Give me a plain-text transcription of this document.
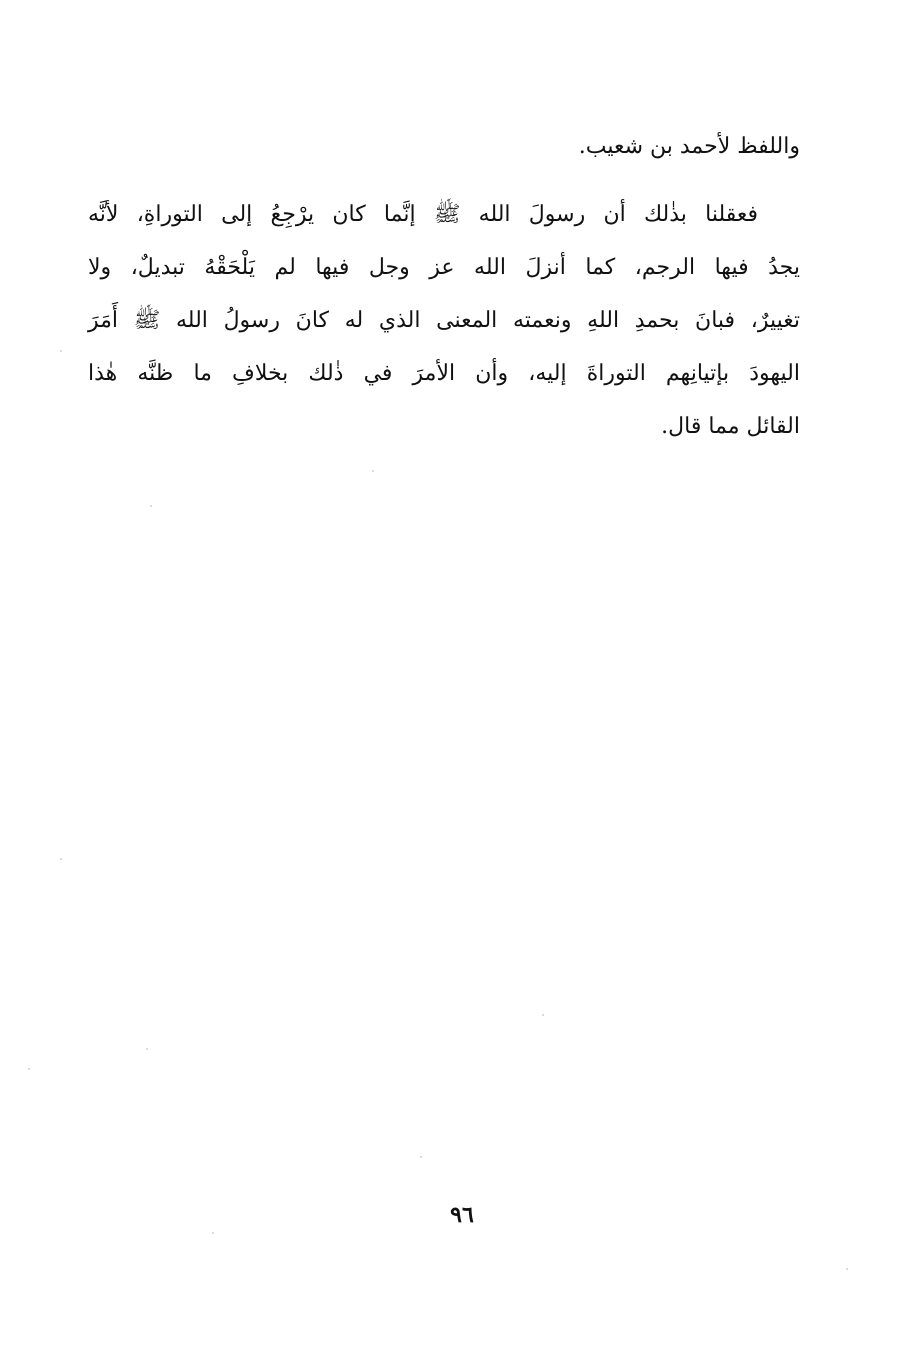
واللفظ لأحمد بن شعيب.
فعقلنا بذٰلك أن رسولَ الله ﷺ إنَّما كان يرْجِعُ إلى التوراةِ، لأنَّه
يجدُ فيها الرجم، كما أنزلَ الله عز وجل فيها لم يَلْحَقْهُ تبديلٌ، ولا
تغييرٌ، فبانَ بحمدِ اللهِ ونعمته المعنى الذي له كانَ رسولُ الله ﷺ أَمَرَ
اليهودَ بإتيانِهم التوراةَ إليه، وأن الأمرَ في ذٰلك بخلافِ ما ظنَّه هٰذا
القائل مما قال.
٩٦
